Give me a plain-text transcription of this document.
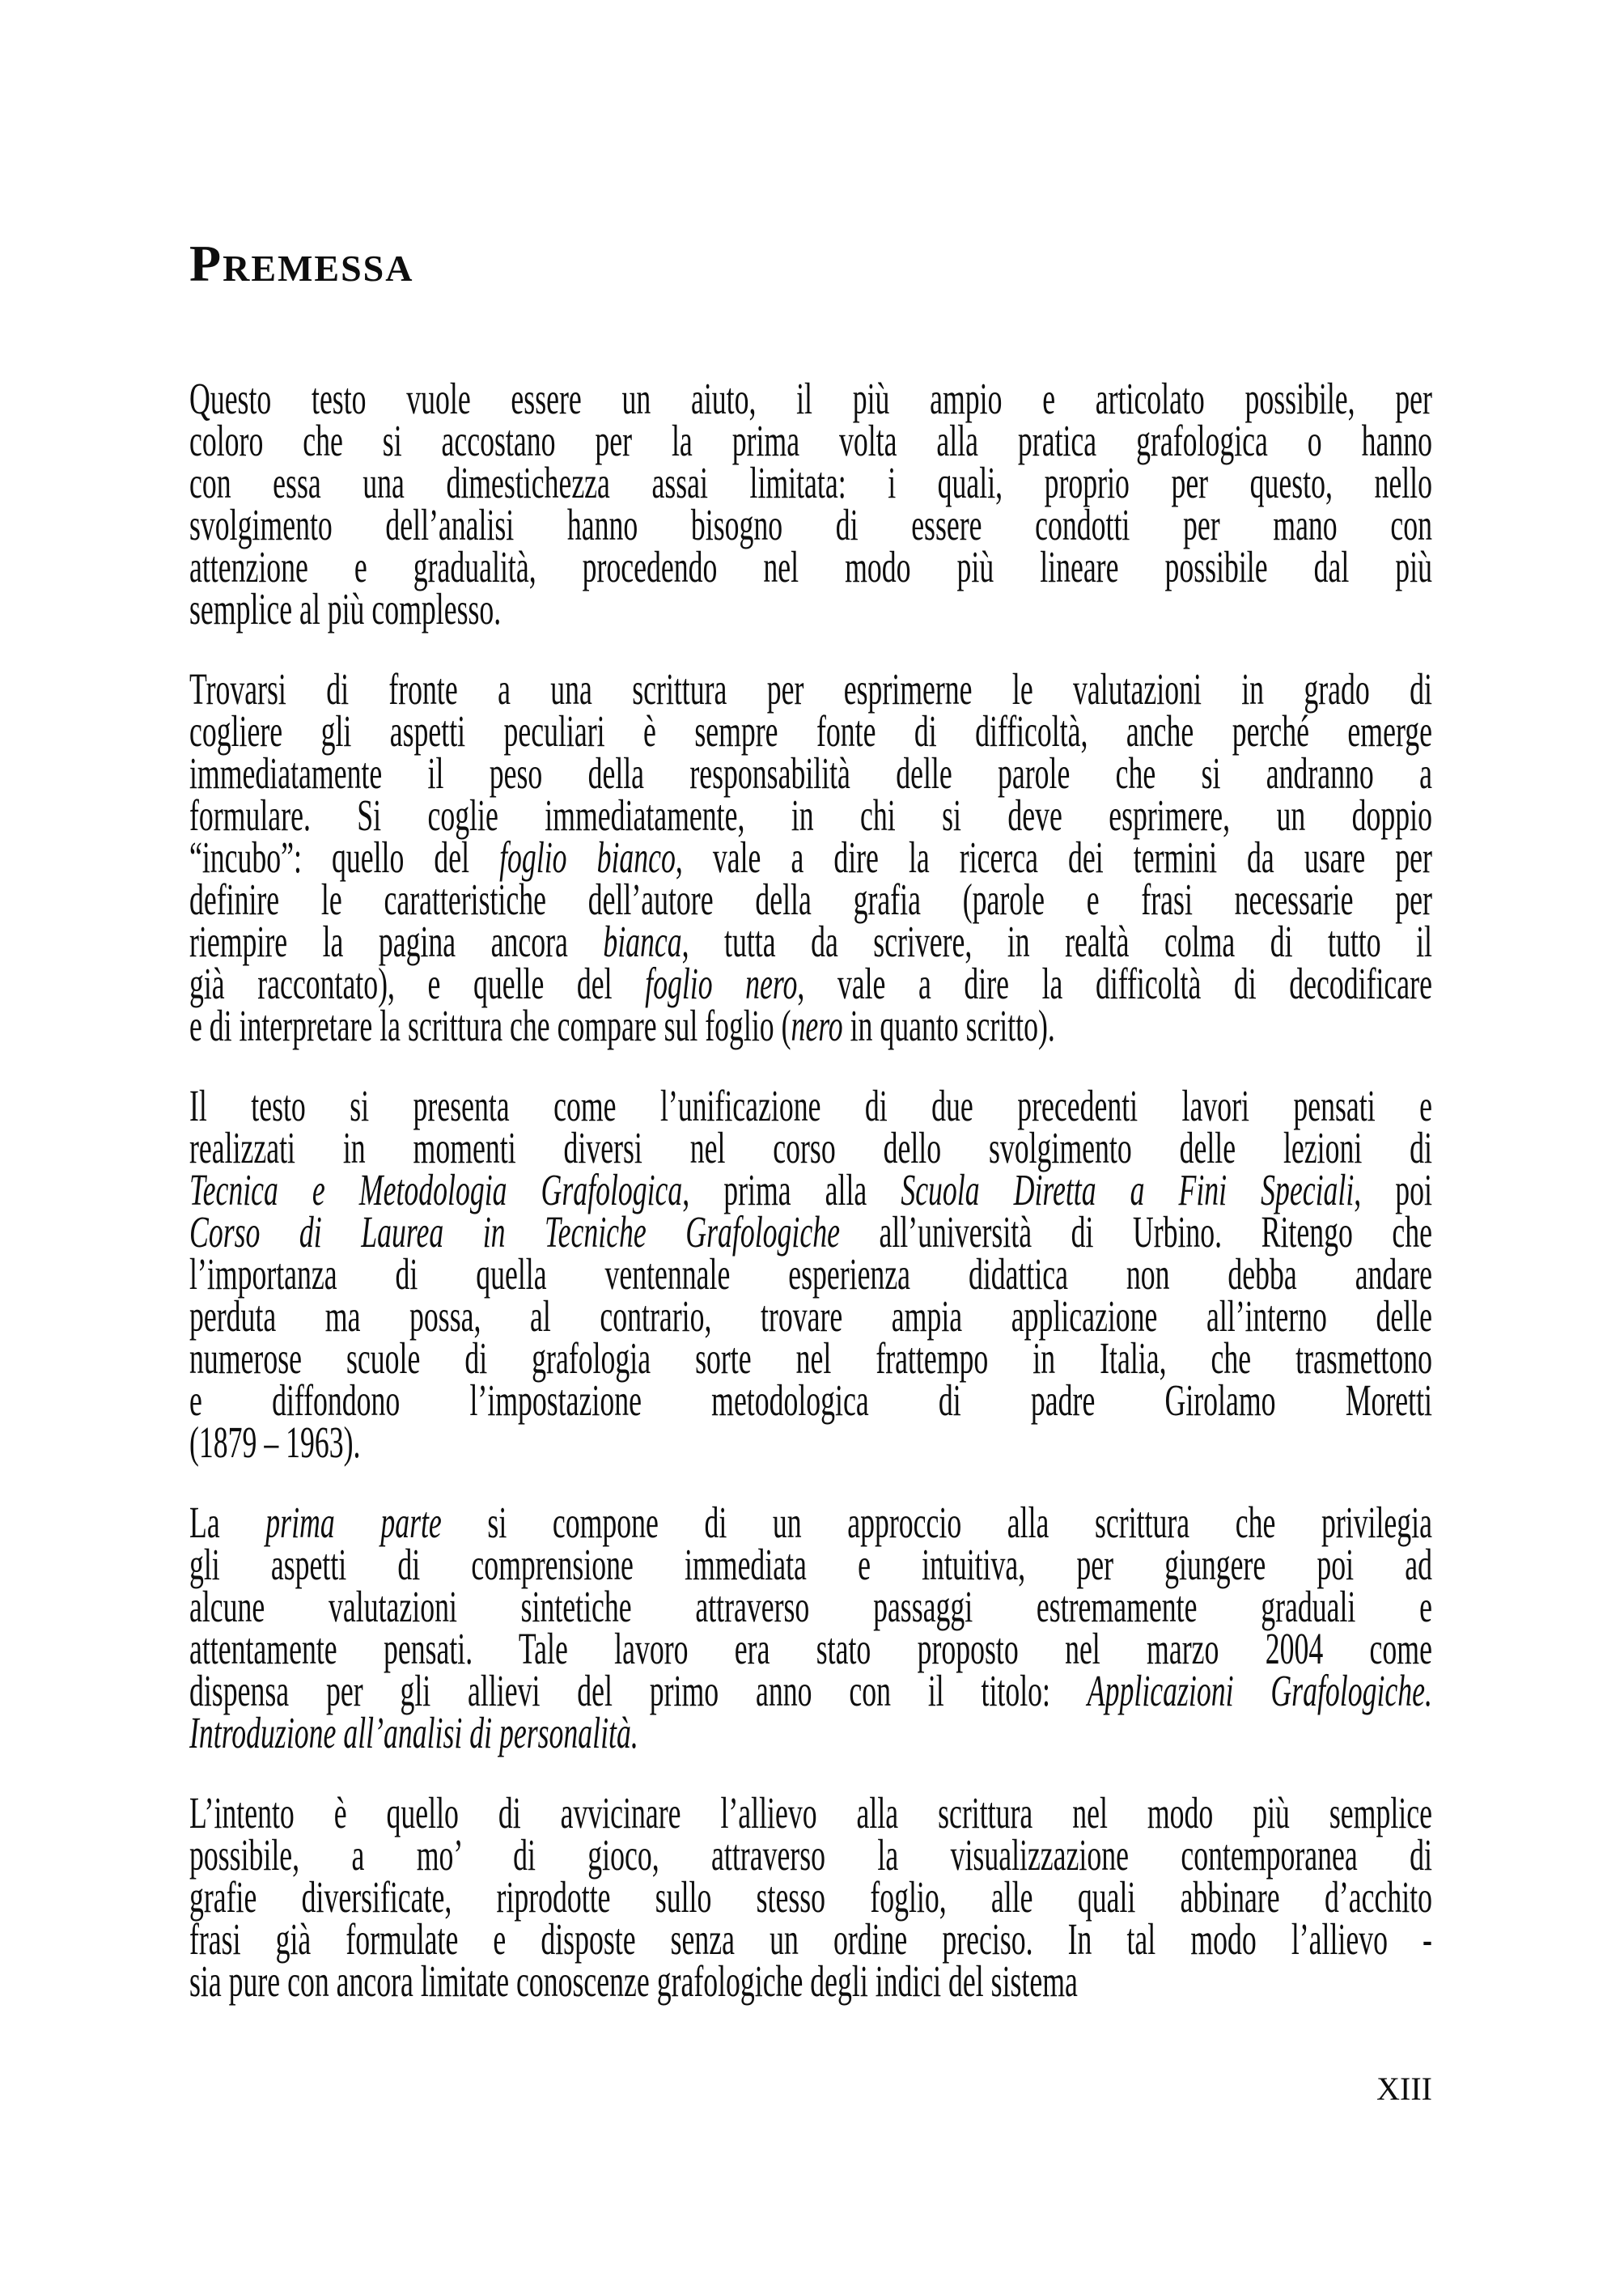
PREMESSA
Questo testo vuole essere un aiuto, il più ampio e articolato possibile, per
coloro che si accostano per la prima volta alla pratica grafologica o hanno
con essa una dimestichezza assai limitata: i quali, proprio per questo, nello
svolgimento dell’analisi hanno bisogno di essere condotti per mano con
attenzione e gradualità, procedendo nel modo più lineare possibile dal più
semplice al più complesso.
Trovarsi di fronte a una scrittura per esprimerne le valutazioni in grado di
cogliere gli aspetti peculiari è sempre fonte di difficoltà, anche perché emerge
immediatamente il peso della responsabilità delle parole che si andranno a
formulare. Si coglie immediatamente, in chi si deve esprimere, un doppio
“incubo”: quello del foglio bianco, vale a dire la ricerca dei termini da usare per
definire le caratteristiche dell’autore della grafia (parole e frasi necessarie per
riempire la pagina ancora bianca, tutta da scrivere, in realtà colma di tutto il
già raccontato), e quelle del foglio nero, vale a dire la difficoltà di decodificare
e di interpretare la scrittura che compare sul foglio (nero in quanto scritto).
Il testo si presenta come l’unificazione di due precedenti lavori pensati e
realizzati in momenti diversi nel corso dello svolgimento delle lezioni di
Tecnica e Metodologia Grafologica, prima alla Scuola Diretta a Fini Speciali, poi
Corso di Laurea in Tecniche Grafologiche all’università di Urbino. Ritengo che
l’importanza di quella ventennale esperienza didattica non debba andare
perduta ma possa, al contrario, trovare ampia applicazione all’interno delle
numerose scuole di grafologia sorte nel frattempo in Italia, che trasmettono
e diffondono l’impostazione metodologica di padre Girolamo Moretti
(1879 – 1963).
La prima parte si compone di un approccio alla scrittura che privilegia
gli aspetti di comprensione immediata e intuitiva, per giungere poi ad
alcune valutazioni sintetiche attraverso passaggi estremamente graduali e
attentamente pensati. Tale lavoro era stato proposto nel marzo 2004 come
dispensa per gli allievi del primo anno con il titolo: Applicazioni Grafologiche.
Introduzione all’analisi di personalità.
L’intento è quello di avvicinare l’allievo alla scrittura nel modo più semplice
possibile, a mo’ di gioco, attraverso la visualizzazione contemporanea di
grafie diversificate, riprodotte sullo stesso foglio, alle quali abbinare d’acchito
frasi già formulate e disposte senza un ordine preciso. In tal modo l’allievo -
sia pure con ancora limitate conoscenze grafologiche degli indici del sistema
XIII
